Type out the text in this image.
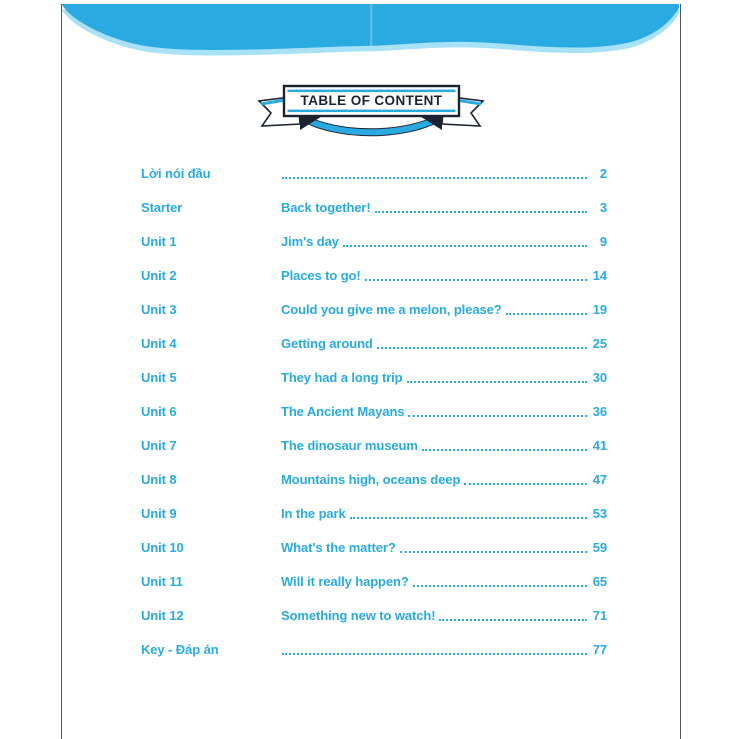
TABLE OF CONTENT
Lời nói đầu	2
Starter	Back together!	3
Unit 1	Jim's day	9
Unit 2	Places to go!	14
Unit 3	Could you give me a melon, please?	19
Unit 4	Getting around	25
Unit 5	They had a long trip	30
Unit 6	The Ancient Mayans	36
Unit 7	The dinosaur museum	41
Unit 8	Mountains high, oceans deep	47
Unit 9	In the park	53
Unit 10	What's the matter?	59
Unit 11	Will it really happen?	65
Unit 12	Something new to watch!	71
Key - Đáp án	77
